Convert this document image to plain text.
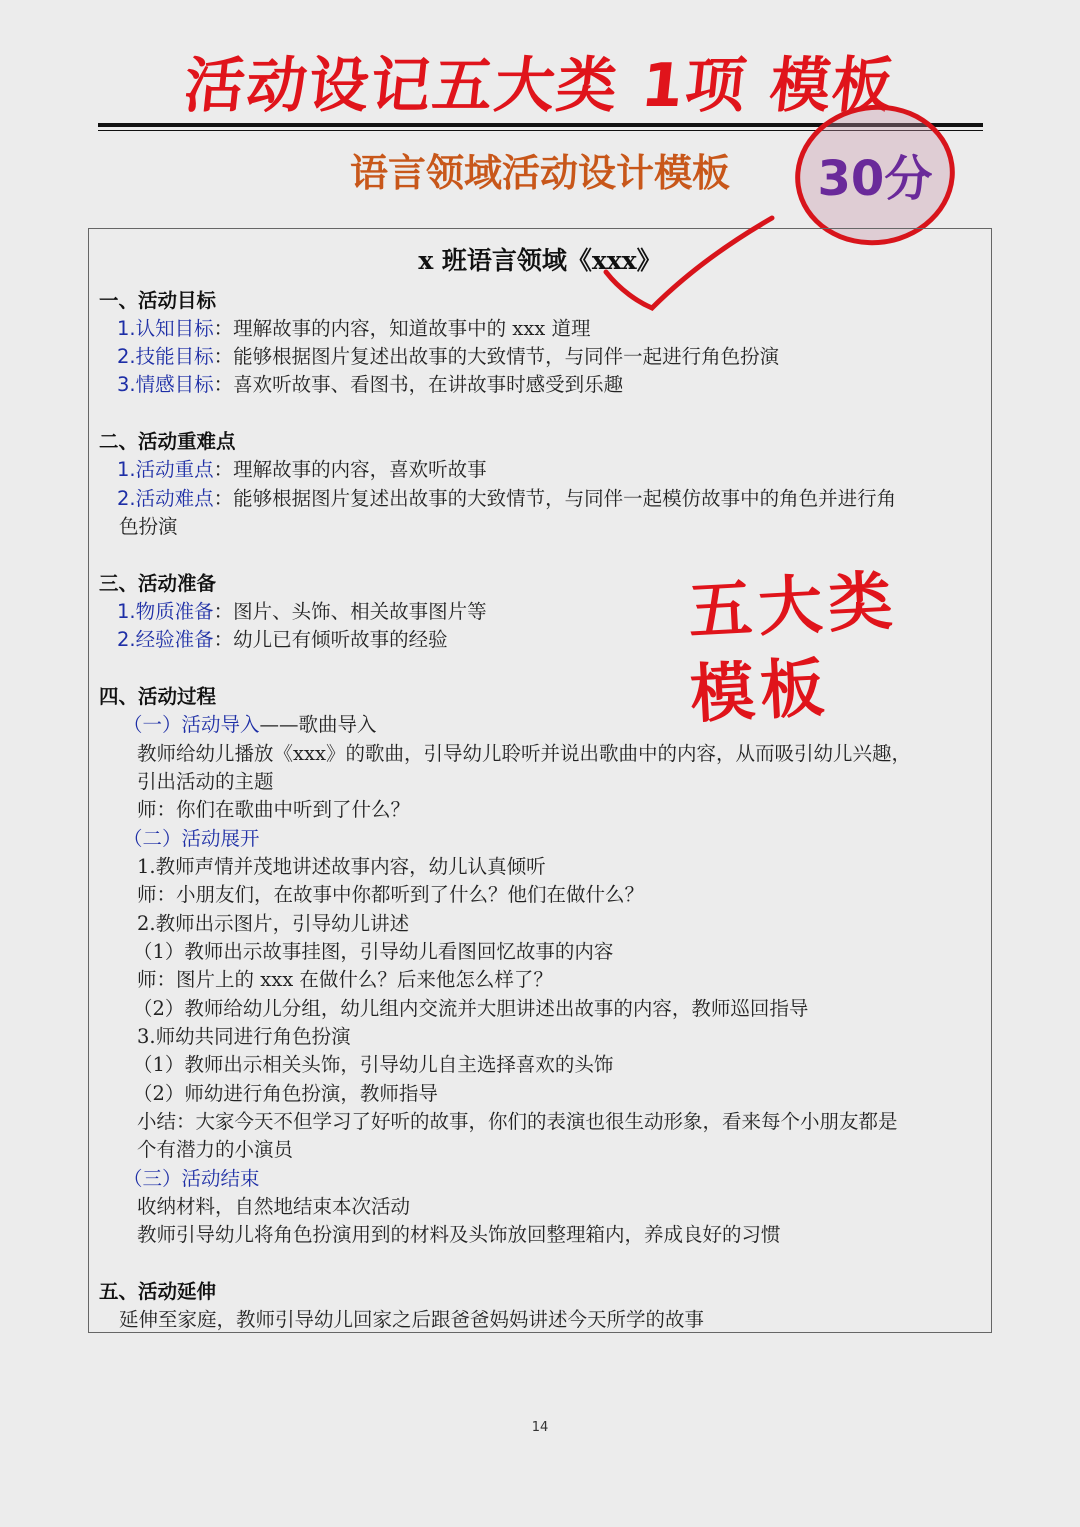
活动设记五大类 1项 模板
语言领域活动设计模板	30分
x 班语言领域《xxx》
一、活动目标
1.认知目标：理解故事的内容，知道故事中的 xxx 道理
2.技能目标：能够根据图片复述出故事的大致情节，与同伴一起进行角色扮演
3.情感目标：喜欢听故事、看图书，在讲故事时感受到乐趣
二、活动重难点
1.活动重点：理解故事的内容，喜欢听故事
2.活动难点：能够根据图片复述出故事的大致情节，与同伴一起模仿故事中的角色并进行角
色扮演
三、活动准备
1.物质准备：图片、头饰、相关故事图片等
2.经验准备：幼儿已有倾听故事的经验
四、活动过程
（一）活动导入——歌曲导入
教师给幼儿播放《xxx》的歌曲，引导幼儿聆听并说出歌曲中的内容，从而吸引幼儿兴趣，
引出活动的主题
师：你们在歌曲中听到了什么？
（二）活动展开
1.教师声情并茂地讲述故事内容，幼儿认真倾听
师：小朋友们，在故事中你都听到了什么？他们在做什么？
2.教师出示图片，引导幼儿讲述
（1）教师出示故事挂图，引导幼儿看图回忆故事的内容
师：图片上的 xxx 在做什么？后来他怎么样了？
（2）教师给幼儿分组，幼儿组内交流并大胆讲述出故事的内容，教师巡回指导
3.师幼共同进行角色扮演
（1）教师出示相关头饰，引导幼儿自主选择喜欢的头饰
（2）师幼进行角色扮演，教师指导
小结：大家今天不但学习了好听的故事，你们的表演也很生动形象，看来每个小朋友都是
个有潜力的小演员
（三）活动结束
收纳材料，自然地结束本次活动
教师引导幼儿将角色扮演用到的材料及头饰放回整理箱内，养成良好的习惯
五、活动延伸
延伸至家庭，教师引导幼儿回家之后跟爸爸妈妈讲述今天所学的故事
五大类
模板
14
